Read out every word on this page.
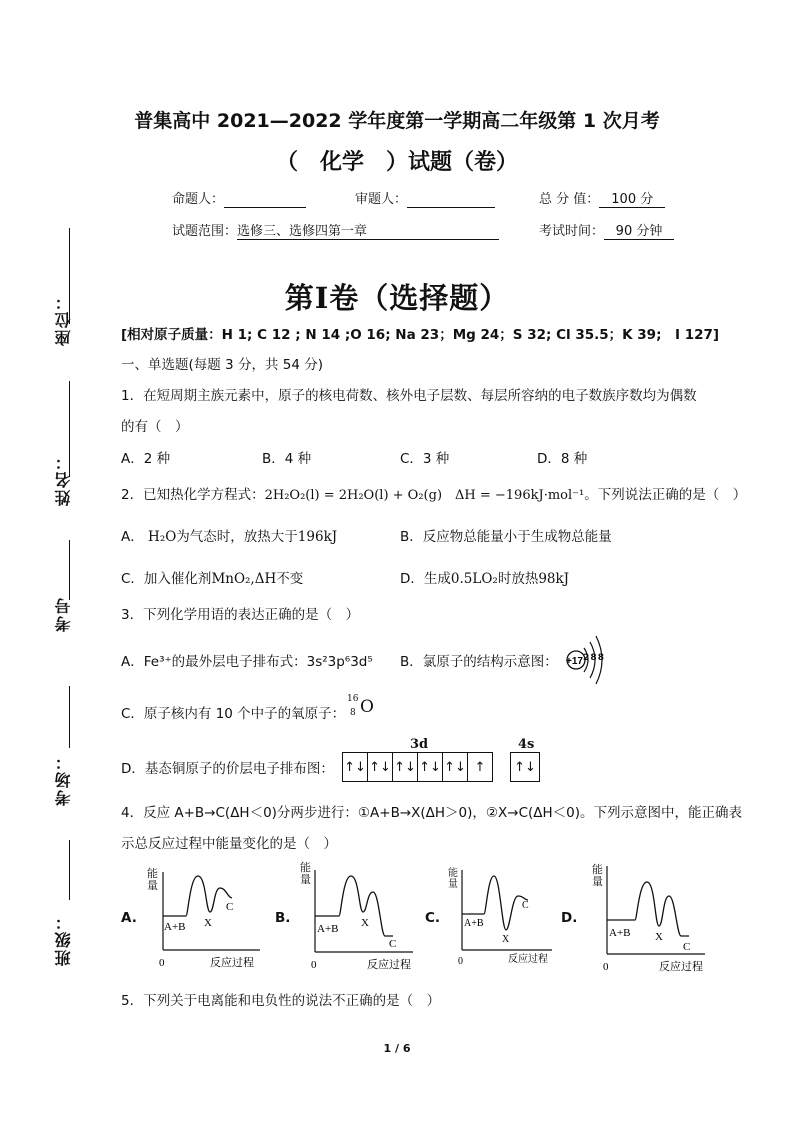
座位：
姓名：
考号
考场：
班级：
普集高中 2021—2022 学年度第一学期高二年级第 1 次月考
（　化学　）试题（卷）
命题人：	审题人：	总 分 值： 100 分
试题范围：选修三、选修四第一章	考试时间： 90 分钟
第Ⅰ卷（选择题）
[相对原子质量：H 1; C 12 ; N 14 ;O 16; Na 23；Mg 24；S 32; Cl 35.5；K 39;　I 127]
一、单选题(每题 3 分，共 54 分)
1．在短周期主族元素中，原子的核电荷数、核外电子层数、每层所容纳的电子数族序数均为偶数
的有（　）
A．2 种	B．4 种	C．3 种	D．8 种
2．已知热化学方程式：2H₂O₂(l) = 2H₂O(l) + O₂(g)　ΔH = −196kJ·mol⁻¹。下列说法正确的是（　）
A． H₂O为气态时，放热大于196kJ	B．反应物总能量小于生成物总能量
C．加入催化剂MnO₂,ΔH不变	D．生成0.5LO₂时放热98kJ
3．下列化学用语的表达正确的是（　）
A．Fe³⁺的最外层电子排布式：3s²3p⁶3d⁵ B．氯原子的结构示意图： +17 2 8 8
C．原子核内有 10 个中子的氧原子：
16
8 O
D．基态铜原子的价层电子排布图：
3d	4s
↑↓ ↑↓ ↑↓ ↑↓ ↑↓ ↑	↑↓
4．反应 A+B→C(ΔH＜0)分两步进行：①A+B→X(ΔH＞0)，②X→C(ΔH＜0)。下列示意图中，能正确表
示总反应过程中能量变化的是（　）
A.	B.	C.	D.
A+B X
C
0	反应过程
能量
A+B X
C
0	反应过程
能量
A+B
X
C
0	反应过程
能量
A+B X
C
0	反应过程
能量
5．下列关于电离能和电负性的说法不正确的是（　）
1 / 6
